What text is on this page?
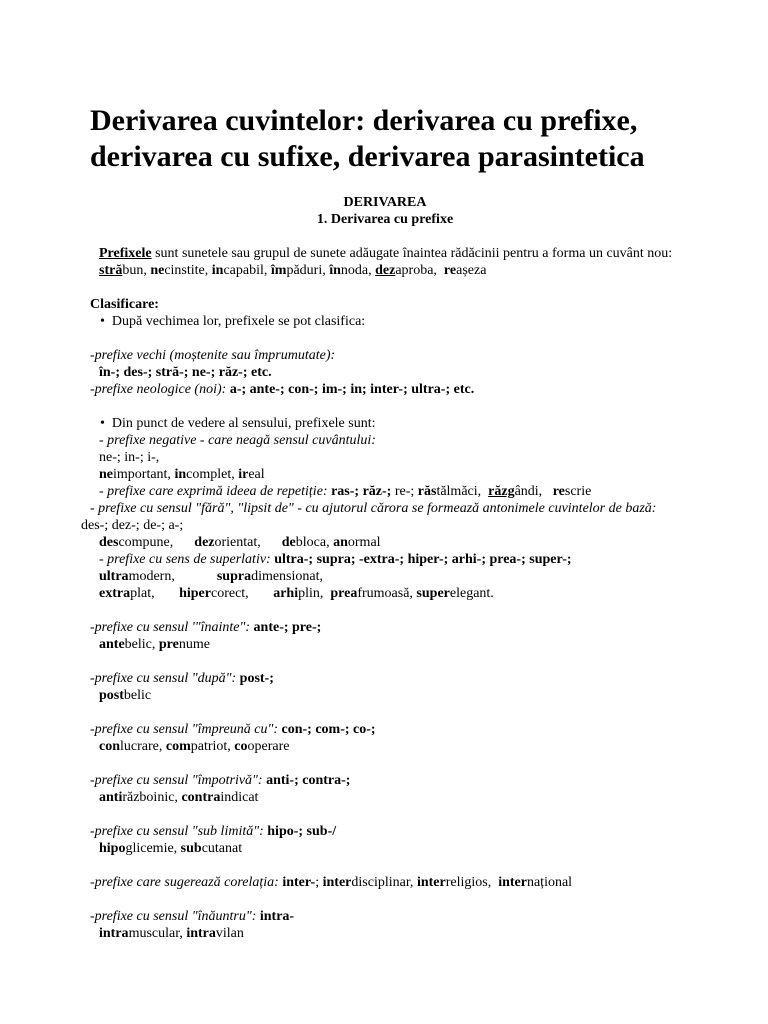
Derivarea cuvintelor: derivarea cu prefixe, derivarea cu sufixe, derivarea parasintetica
DERIVAREA
1. Derivarea cu prefixe

Prefixele sunt sunetele sau grupul de sunete adăugate înaintea rădăcinii pentru a forma un cuvânt nou: străbun, necinstite, incapabil, împăduri, înnoda, dezaproba,  reașeza

Clasificare:

•  După vechimea lor, prefixele se pot clasifica:

-prefixe vechi (moștenite sau împrumutate):

în-; des-; stră-; ne-; răz-; etc.

-prefixe neologice (noi): a-; ante-; con-; im-; in; inter-; ultra-; etc.

•  Din punct de vedere al sensului, prefixele sunt:

- prefixe negative - care neagă sensul cuvântului:

ne-; in-; i-,

neimportant, incomplet, ireal

- prefixe care exprimă ideea de repetiție: ras-; răz-; re-; răstălmăci,  răzgândi,   rescrie

- prefixe cu sensul "fără", "lipsit de" - cu ajutorul cărora se formează antonimele cuvintelor de bază: des-; dez-; de-; a-;

descompune,      dezorientat,      debloca, anormal

- prefixe cu sens de superlativ: ultra-; supra; -extra-; hiper-; arhi-; prea-; super-;

ultramodern,            supradimensionat,

extraplat,       hipercorect,       arhiplin,  preafrumoasă, superelegant.

-prefixe cu sensul '"înainte": ante-; pre-;

antebelic, prenume

-prefixe cu sensul "după": post-;

postbelic

-prefixe cu sensul "împreună cu": con-; com-; co-;

conlucrare, compatriot, cooperare

-prefixe cu sensul "împotrivă": anti-; contra-;

antirăzboinic, contraindicat

-prefixe cu sensul "sub limită": hipo-; sub-/

hipoglicemie, subcutanat

-prefixe care sugerează corelația: inter-; interdisciplinar, interreligios,  internațional

-prefixe cu sensul "înăuntru": intra-

intramuscular, intravilan
